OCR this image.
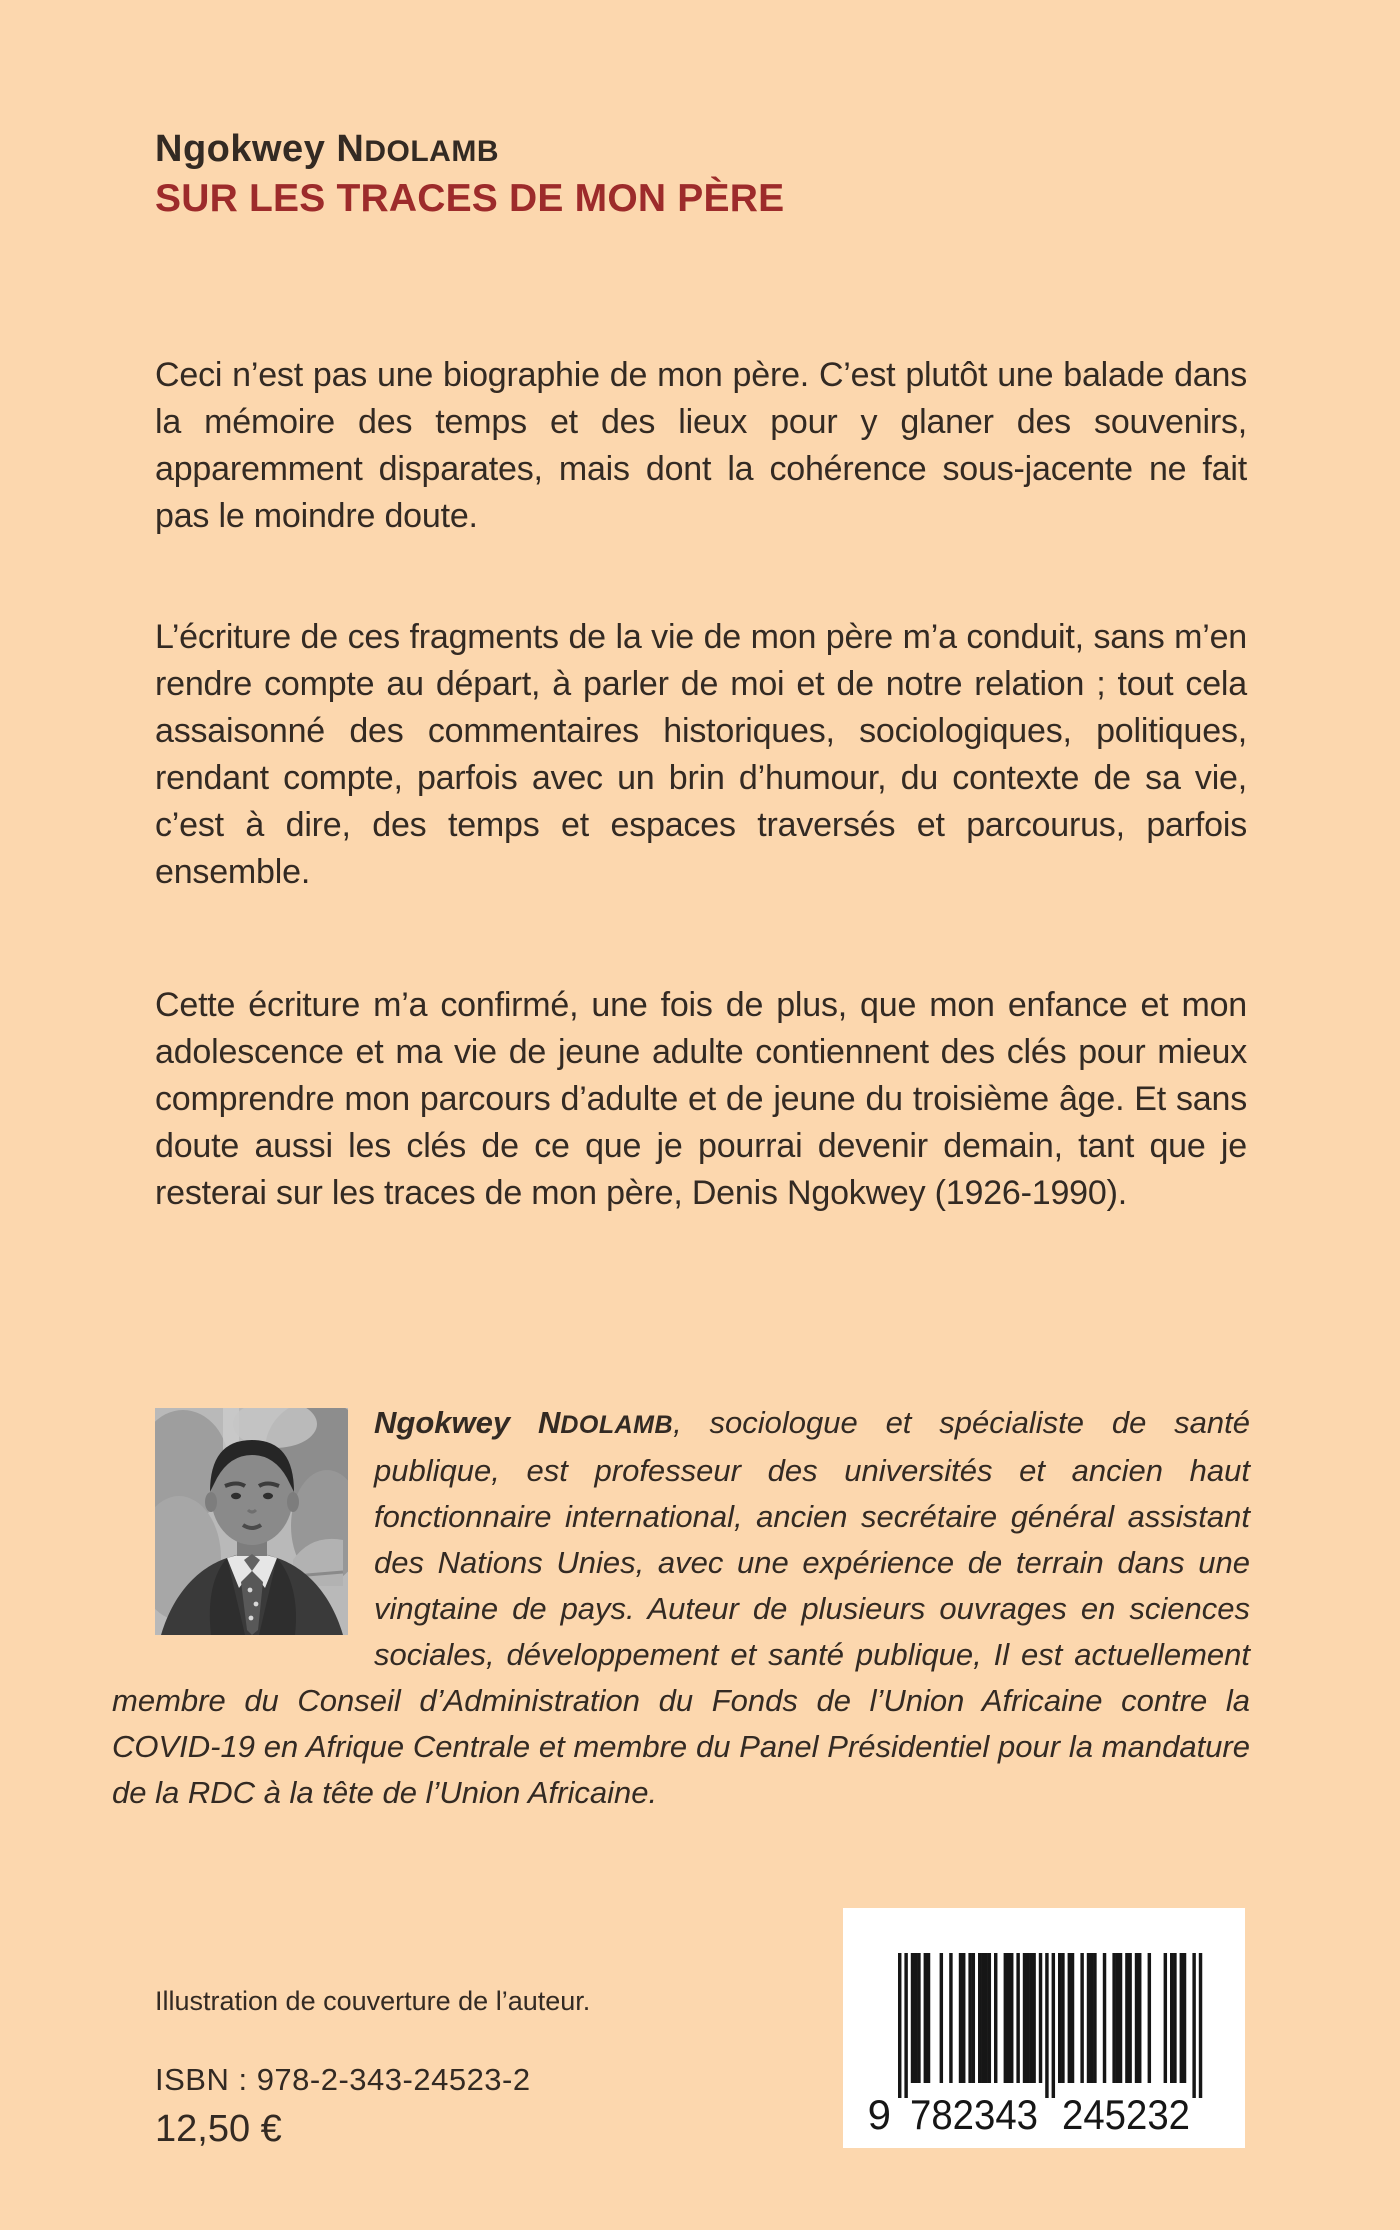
Ngokwey NDOLAMB
SUR LES TRACES DE MON PÈRE
Ceci n’est pas une biographie de mon père. C’est plutôt une balade dans la mémoire des temps et des lieux pour y glaner des souvenirs, apparemment disparates, mais dont la cohérence sous-jacente ne fait pas le moindre doute.
L’écriture de ces fragments de la vie de mon père m’a conduit, sans m’en rendre compte au départ, à parler de moi et de notre relation ; tout cela assaisonné des commentaires historiques, sociologiques, politiques, rendant compte, parfois avec un brin d’humour, du contexte de sa vie, c’est à dire, des temps et espaces traversés et parcourus, parfois ensemble.
Cette écriture m’a confirmé, une fois de plus, que mon enfance et mon adolescence et ma vie de jeune adulte contiennent des clés pour mieux comprendre mon parcours d’adulte et de jeune du troisième âge. Et sans doute aussi les clés de ce que je pourrai devenir demain, tant que je resterai sur les traces de mon père, Denis Ngokwey (1926-1990).
Ngokwey NDOLAMB, sociologue et spécialiste de santé publique, est professeur des universités et ancien haut fonctionnaire international, ancien secrétaire général assistant des Nations Unies, avec une expérience de terrain dans une vingtaine de pays. Auteur de plusieurs ouvrages en sciences sociales, développement et santé publique, Il est actuellement membre du Conseil d’Administration du Fonds de l’Union Africaine contre la COVID-19 en Afrique Centrale et membre du Panel Présidentiel pour la mandature de la RDC à la tête de l’Union Africaine.
Illustration de couverture de l’auteur.
ISBN : 978-2-343-24523-2
12,50 €	9 782343 245232
